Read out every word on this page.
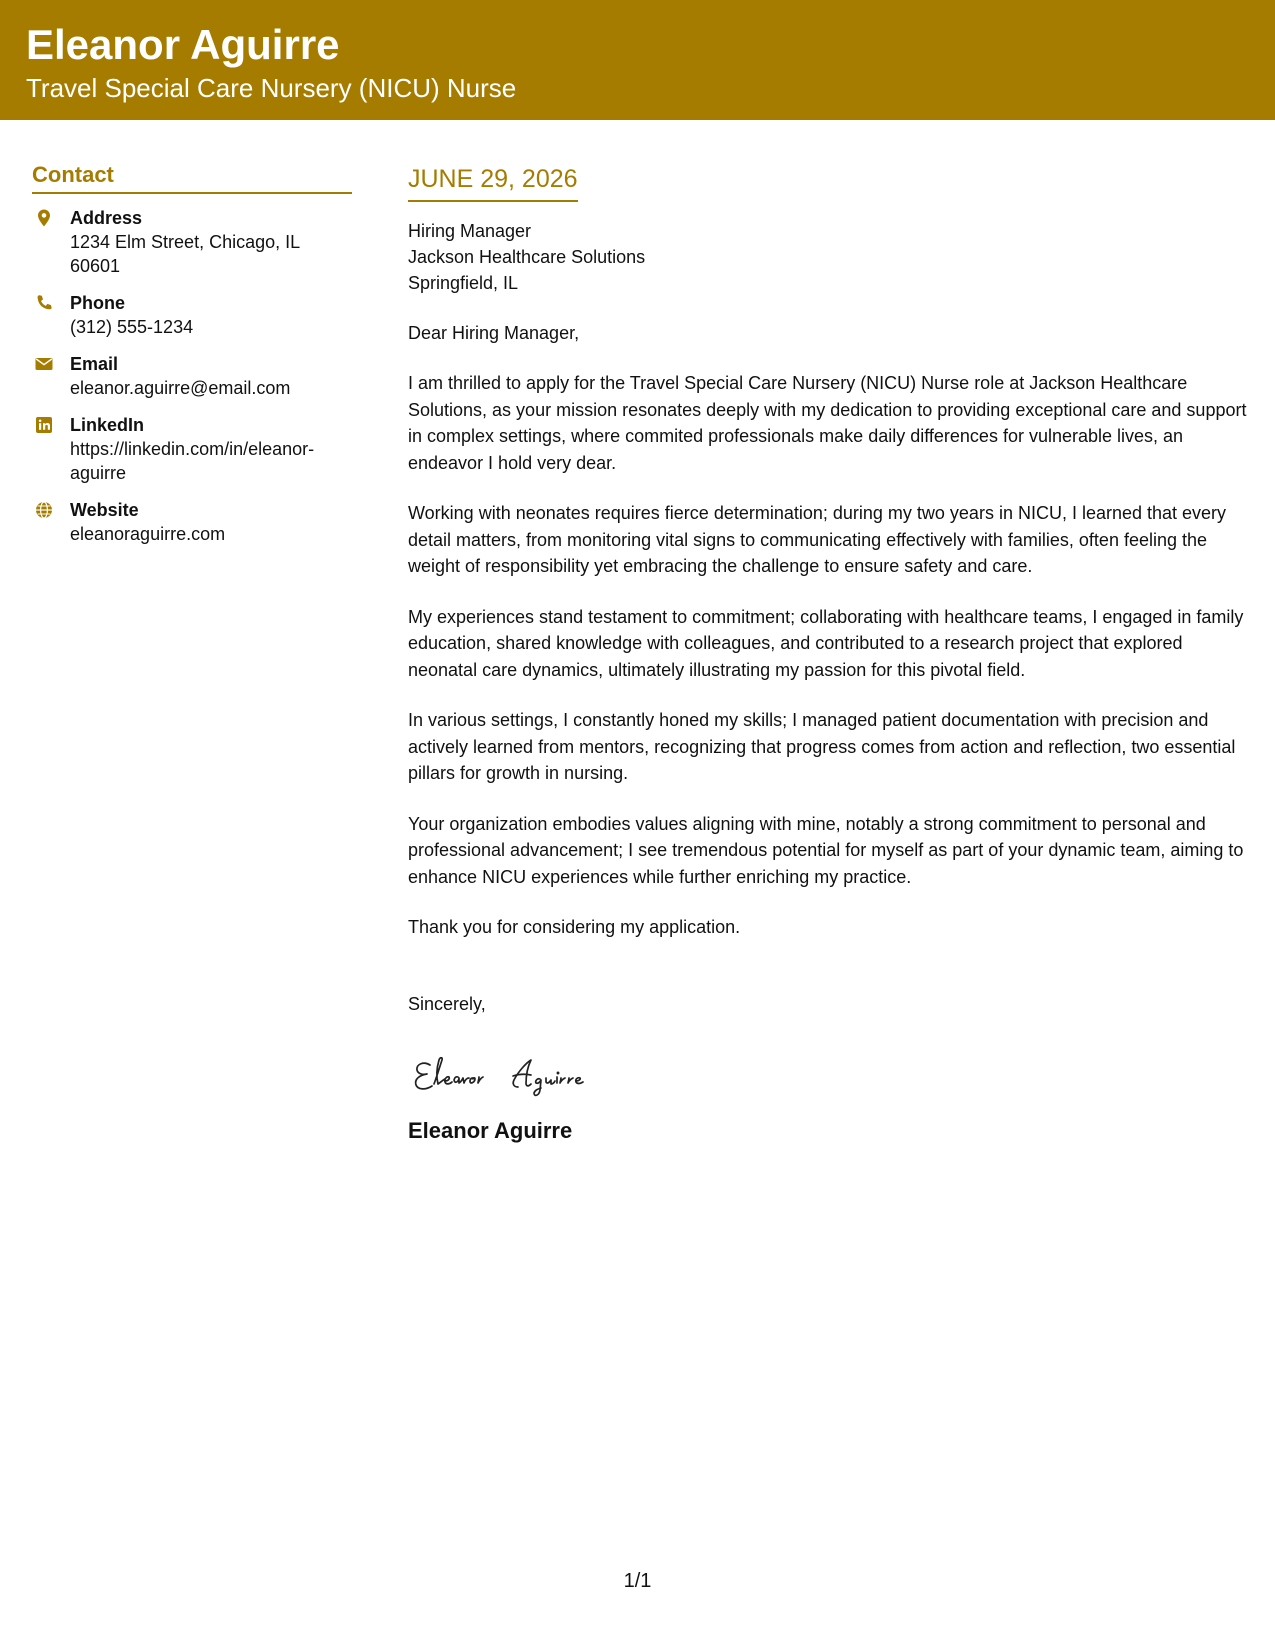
Eleanor Aguirre
Travel Special Care Nursery (NICU) Nurse
Contact
Address
1234 Elm Street, Chicago, IL 60601
Phone
(312) 555-1234
Email
eleanor.aguirre@email.com
LinkedIn
https://linkedin.com/in/eleanor-aguirre
Website
eleanoraguirre.com
JUNE 29, 2026
Hiring Manager
Jackson Healthcare Solutions
Springfield, IL
Dear Hiring Manager,
I am thrilled to apply for the Travel Special Care Nursery (NICU) Nurse role at Jackson Healthcare Solutions, as your mission resonates deeply with my dedication to providing exceptional care and support in complex settings, where commited professionals make daily differences for vulnerable lives, an endeavor I hold very dear.
Working with neonates requires fierce determination; during my two years in NICU, I learned that every detail matters, from monitoring vital signs to communicating effectively with families, often feeling the weight of responsibility yet embracing the challenge to ensure safety and care.
My experiences stand testament to commitment; collaborating with healthcare teams, I engaged in family education, shared knowledge with colleagues, and contributed to a research project that explored neonatal care dynamics, ultimately illustrating my passion for this pivotal field.
In various settings, I constantly honed my skills; I managed patient documentation with precision and actively learned from mentors, recognizing that progress comes from action and reflection, two essential pillars for growth in nursing.
Your organization embodies values aligning with mine, notably a strong commitment to personal and professional advancement; I see tremendous potential for myself as part of your dynamic team, aiming to enhance NICU experiences while further enriching my practice.
Thank you for considering my application.
Sincerely,
Eleanor Aguirre
1/1
